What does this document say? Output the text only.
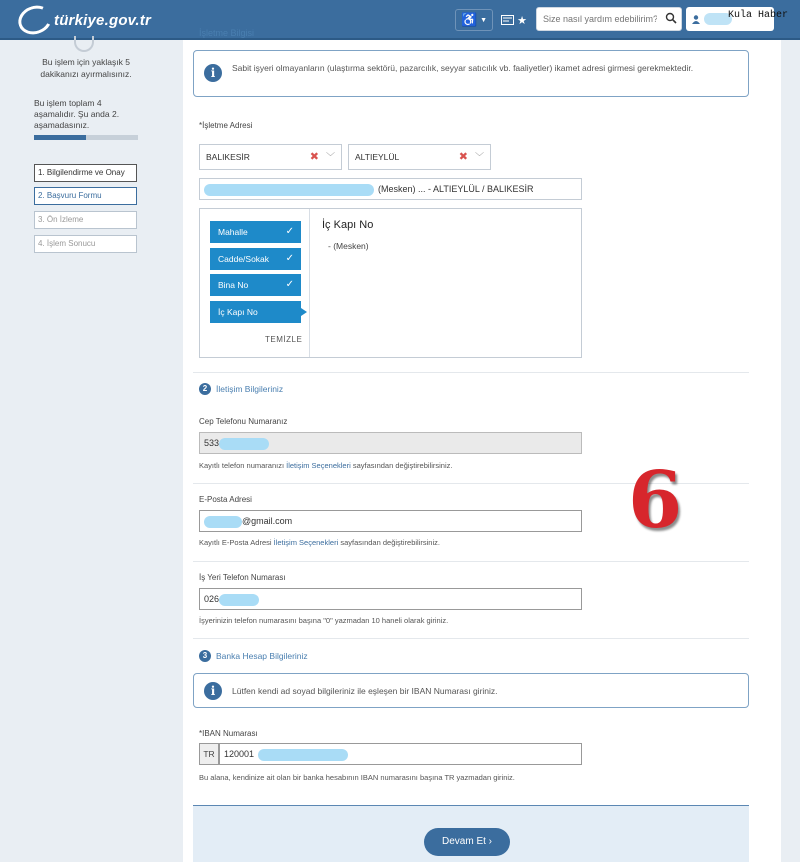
türkiye.gov.tr	♿ ▼	★
Size nasıl yardım edebilirim?	Kula Haber
Bu işlem için yaklaşık 5 dakikanızı ayırmalısınız.
Bu işlem toplam 4 aşamalıdır. Şu anda 2. aşamadasınız.
1. Bilgilendirme ve Onay
2. Başvuru Formu
3. Ön İzleme
4. İşlem Sonucu
İşletme Bilgisi
i	Sabit işyeri olmayanların (ulaştırma sektörü, pazarcılık, seyyar satıcılık vb. faaliyetler) ikamet adresi girmesi gerekmektedir.
*İşletme Adresi
BALIKESİR	✖ ﹀	ALTIEYLÜL	✖ ﹀
(Mesken) ... - ALTIEYLÜL / BALIKESİR
Mahalle	✓
Cadde/Sokak ✓
Bina No	✓
İç Kapı No
TEMİZLE
İç Kapı No
- (Mesken)
2	İletişim Bilgileriniz
Cep Telefonu Numaranız
533
Kayıtlı telefon numaranızı İletişim Seçenekleri sayfasından değiştirebilirsiniz.
E-Posta Adresi
@gmail.com
Kayıtlı E-Posta Adresi İletişim Seçenekleri sayfasından değiştirebilirsiniz.
İş Yeri Telefon Numarası
026
İşyerinizin telefon numarasını başına "0" yazmadan 10 haneli olarak giriniz.
3	Banka Hesap Bilgileriniz
i	Lütfen kendi ad soyad bilgileriniz ile eşleşen bir IBAN Numarası giriniz.
*IBAN Numarası
TR	120001
Bu alana, kendinize ait olan bir banka hesabının IBAN numarasını başına TR yazmadan giriniz.
Devam Et ›
6
